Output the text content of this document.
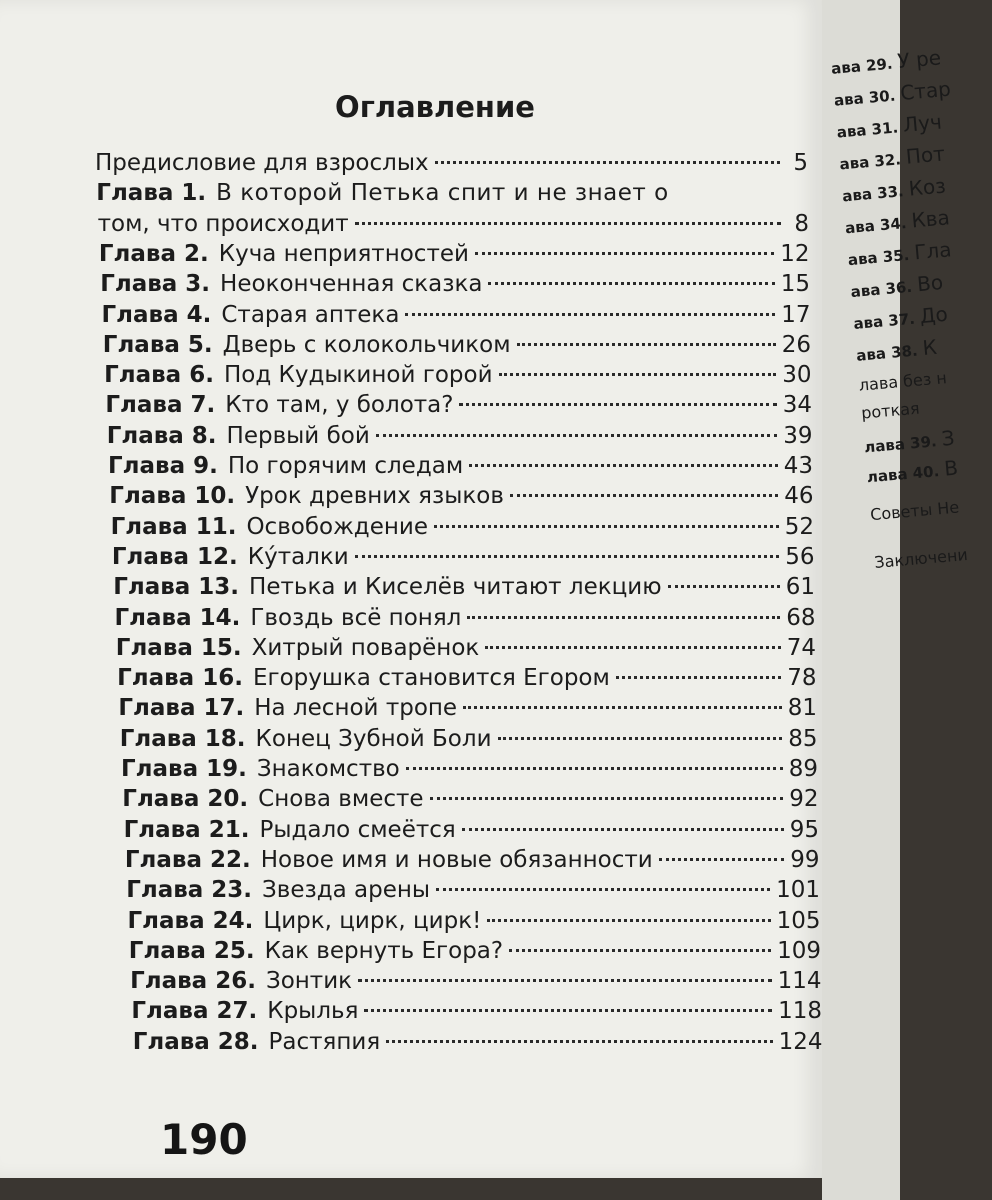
Оглавление
Предисловие для взрослых	5
Глава 1. В которой Петька спит и не знает о
том, что происходит	8
Глава 2. Куча неприятностей	12
Глава 3. Неоконченная сказка	15
Глава 4. Старая аптека	17
Глава 5. Дверь с колокольчиком	26
Глава 6. Под Кудыкиной горой	30
Глава 7. Кто там, у болота?	34
Глава 8. Первый бой	39
Глава 9. По горячим следам	43
Глава 10. Урок древних языков	46
Глава 11. Освобождение	52
Глава 12. Ку́талки	56
Глава 13. Петька и Киселёв читают лекцию	61
Глава 14. Гвоздь всё понял	68
Глава 15. Хитрый поварёнок	74
Глава 16. Егорушка становится Егором	78
Глава 17. На лесной тропе	81
Глава 18. Конец Зубной Боли	85
Глава 19. Знакомство	89
Глава 20. Снова вместе	92
Глава 21. Рыдало смеётся	95
Глава 22. Новое имя и новые обязанности	99
Глава 23. Звезда арены	101
Глава 24. Цирк, цирк, цирк!	105
Глава 25. Как вернуть Егора?	109
Глава 26. Зонтик	114
Глава 27. Крылья	118
Глава 28. Растяпия	124
190
ава 29. У ре
ава 30. Стар
ава 31. Луч
ава 32. Пот
ава 33. Коз
ава 34. Ква
ава 35. Гла
ава 36. Во
ава 37. До
ава 38. К
лава без н
роткая
лава 39. З
лава 40. В
Советы Не
Заключени
